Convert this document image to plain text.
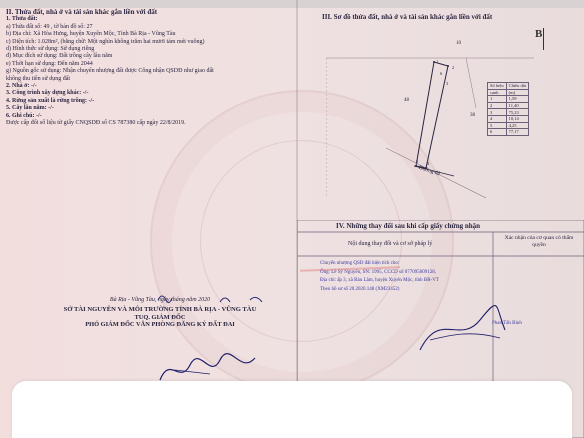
II. Thửa đất, nhà ở và tài sản khác gắn liền với đất
1. Thửa đất:
a) Thửa đất số: 49 , tờ bản đồ số: 27
b) Địa chỉ: Xã Hòa Hưng, huyện Xuyên Mộc, Tỉnh Bà Rịa - Vũng Tàu
c) Diện tích: 1.028m², (bằng chữ: Một nghìn không trăm hai mươi tám mét vuông)
d) Hình thức sử dụng: Sử dụng riêng
đ) Mục đích sử dụng: Đất trồng cây lâu năm
e) Thời hạn sử dụng: Đến năm 2044
g) Nguồn gốc sử dụng: Nhận chuyển nhượng đất được Công nhận QSDĐ như giao đất
không thu tiền sử dụng đất
2. Nhà ở: -/-
3. Công trình xây dựng khác: -/-
4. Rừng sản xuất là rừng trồng: -/-
5. Cây lâu năm: -/-
6. Ghi chú: -/-
Được cấp đổi số liệu từ giấy CNQSDĐ số CS 787380 cấp ngày 22/8/2019.
Bà Rịa - Vũng Tàu, ngày tháng năm 2020
SỞ TÀI NGUYÊN VÀ MÔI TRƯỜNG TỈNH BÀ RỊA - VŨNG TÀU
TUQ. GIÁM ĐỐC
PHÓ GIÁM ĐỐC VĂN PHÒNG ĐĂNG KÝ ĐẤT ĐAI
III. Sơ đồ thửa đất, nhà ở và tài sản khác gắn liền với đất
B
10
48
38
Đường đá
1
2
3
4
5
6
Số hiệu	Chiều dài
cạnh	(m)
1	1,59
2	11,40
3	75,23
4	10,14
5	4,25
6	77,17
IV. Những thay đổi sau khi cấp giấy chứng nhận
Nội dung thay đổi và cơ sở pháp lý
Xác nhận của cơ quan có thẩm quyền
Chuyển nhượng QSD đất hiện tích cho:
Ông: Lê Sỹ Nguyên, SN: 1995, CCCD số 077095009128,
Địa chỉ: ấp 3, xã Bàu Lâm, huyện Xuyên Mộc, tỉnh BR-VT
Theo hồ sơ số 20.2020.148 (XM23452)
Phan Tấn Bình
